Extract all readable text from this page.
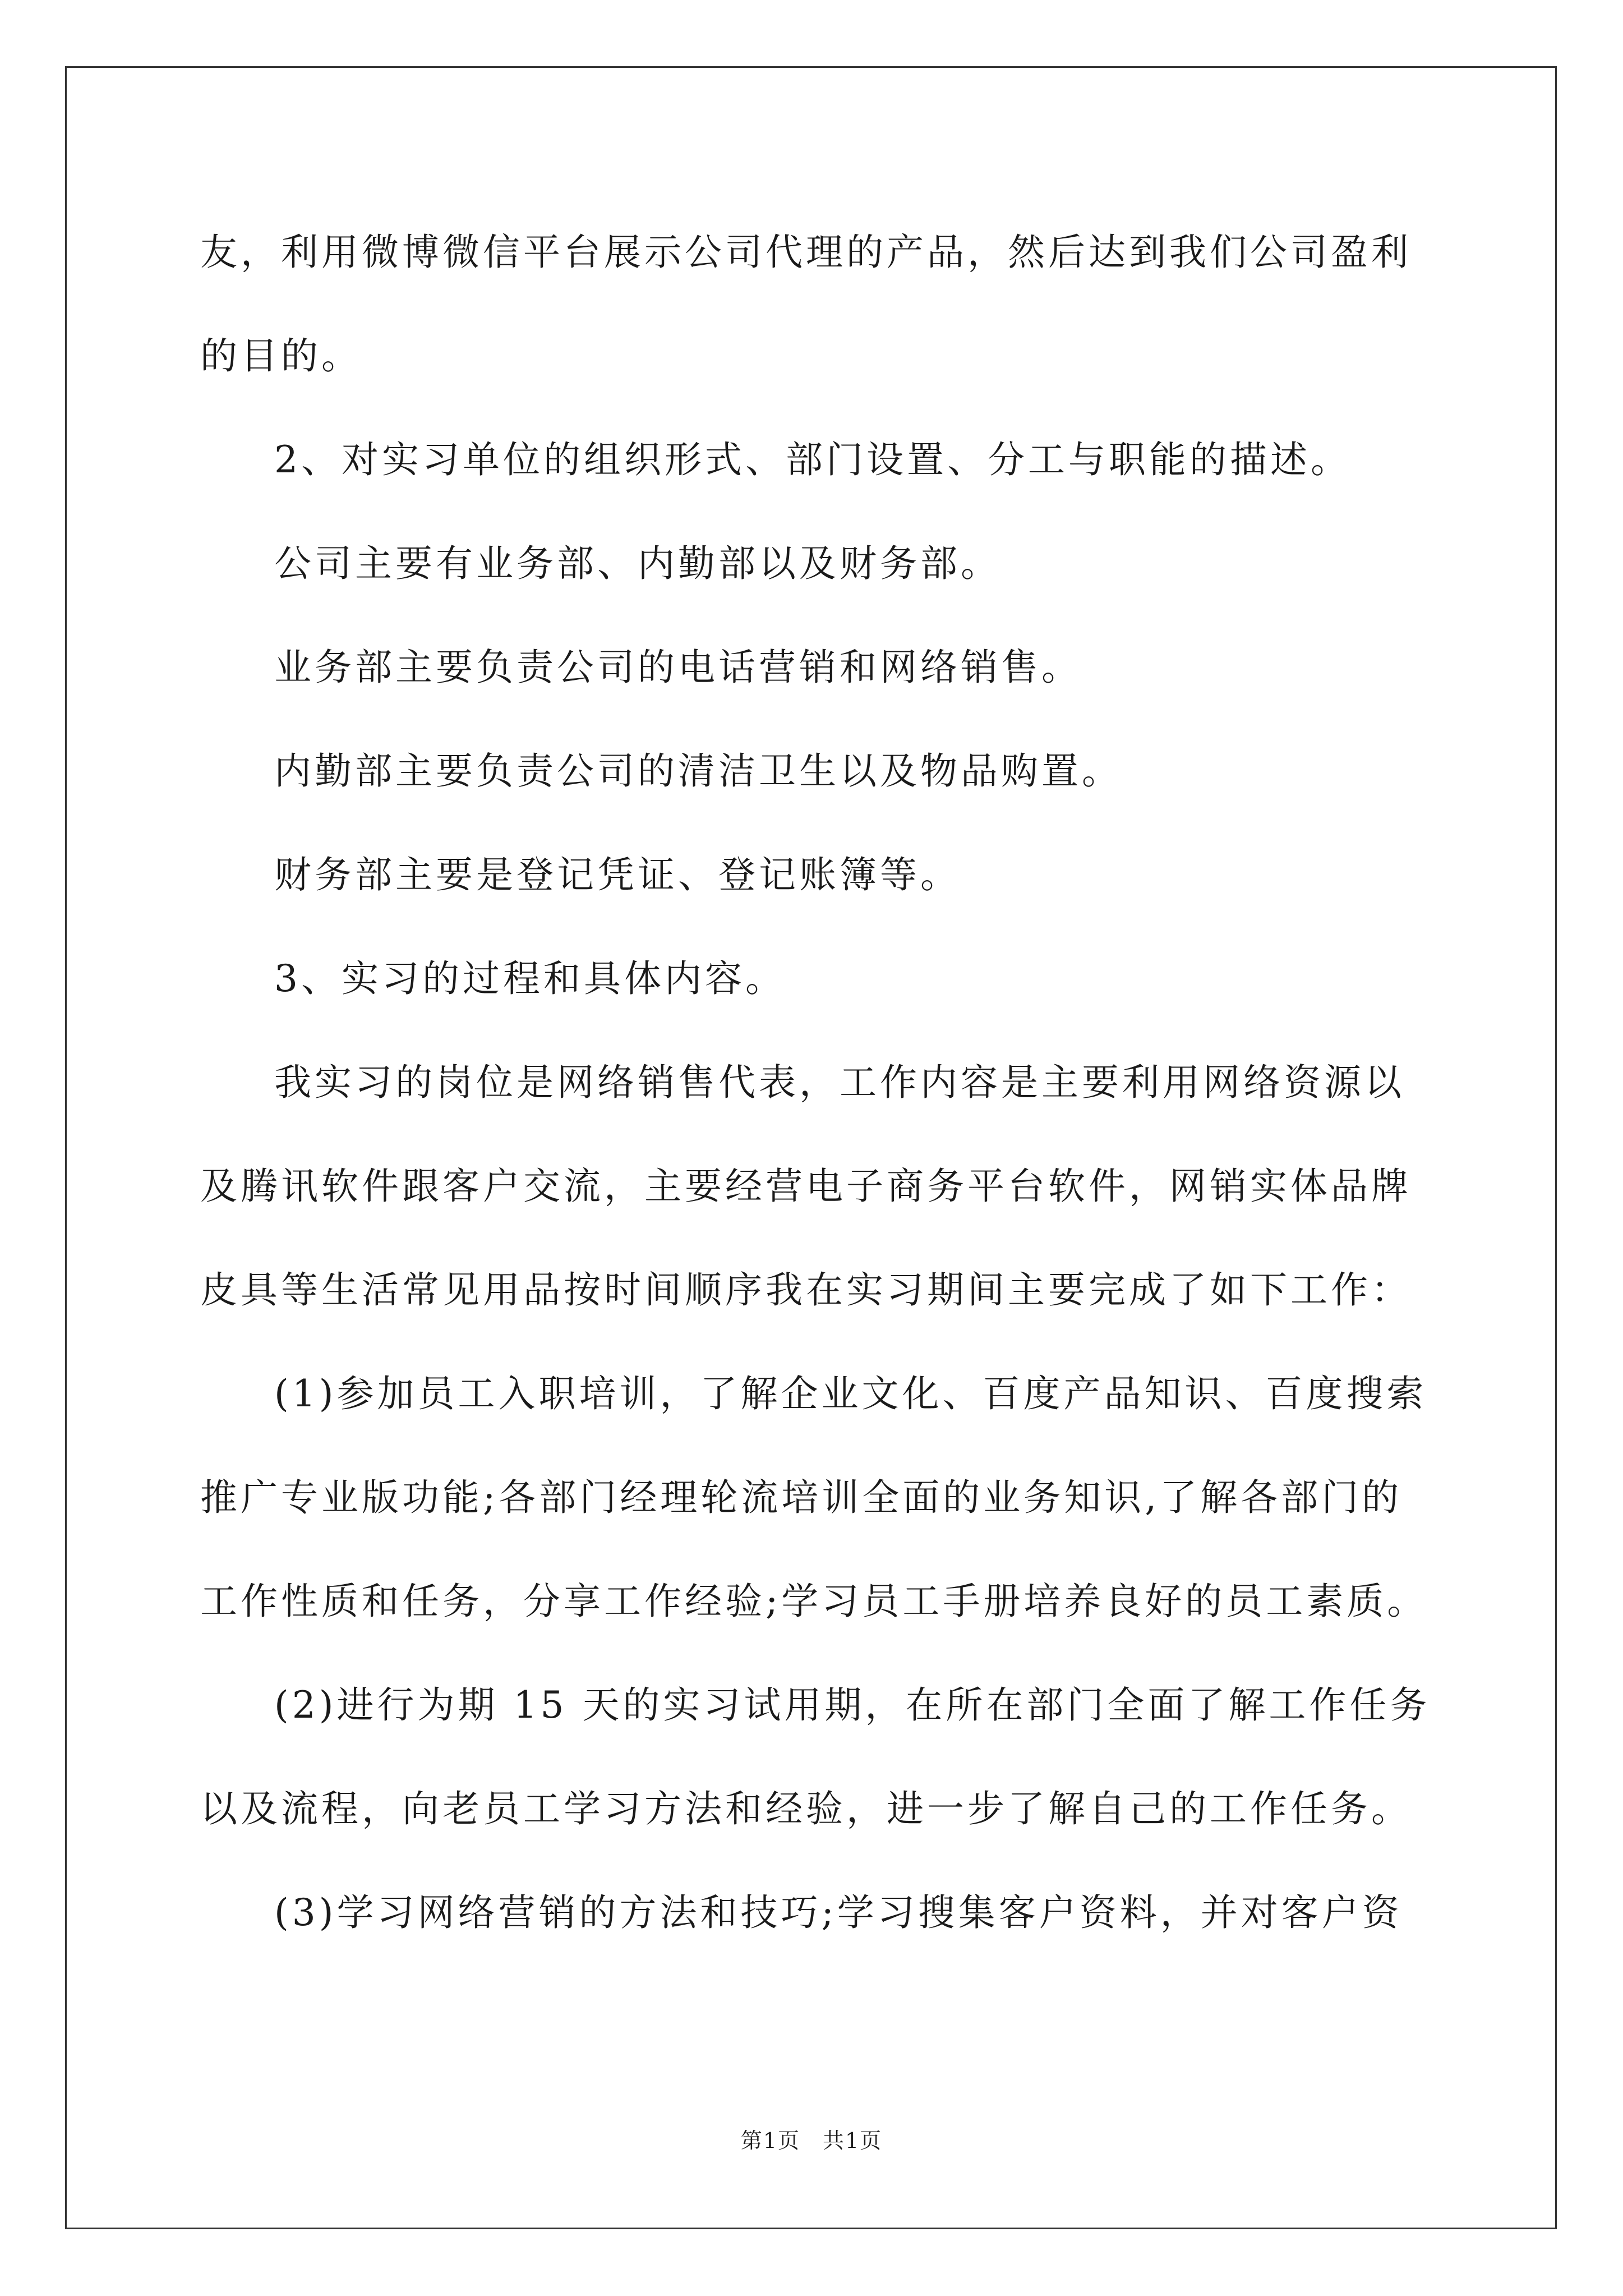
友，利用微博微信平台展示公司代理的产品，然后达到我们公司盈利
的目的。
2、对实习单位的组织形式、部门设置、分工与职能的描述。
公司主要有业务部、内勤部以及财务部。
业务部主要负责公司的电话营销和网络销售。
内勤部主要负责公司的清洁卫生以及物品购置。
财务部主要是登记凭证、登记账簿等。
3、实习的过程和具体内容。
我实习的岗位是网络销售代表，工作内容是主要利用网络资源以
及腾讯软件跟客户交流，主要经营电子商务平台软件，网销实体品牌
皮具等生活常见用品按时间顺序我在实习期间主要完成了如下工作：
(1)参加员工入职培训，了解企业文化、百度产品知识、百度搜索
推广专业版功能;各部门经理轮流培训全面的业务知识,了解各部门的
工作性质和任务，分享工作经验;学习员工手册培养良好的员工素质。
(2)进行为期 15 天的实习试用期，在所在部门全面了解工作任务
以及流程，向老员工学习方法和经验，进一步了解自己的工作任务。
(3)学习网络营销的方法和技巧;学习搜集客户资料，并对客户资
第1页　共1页
